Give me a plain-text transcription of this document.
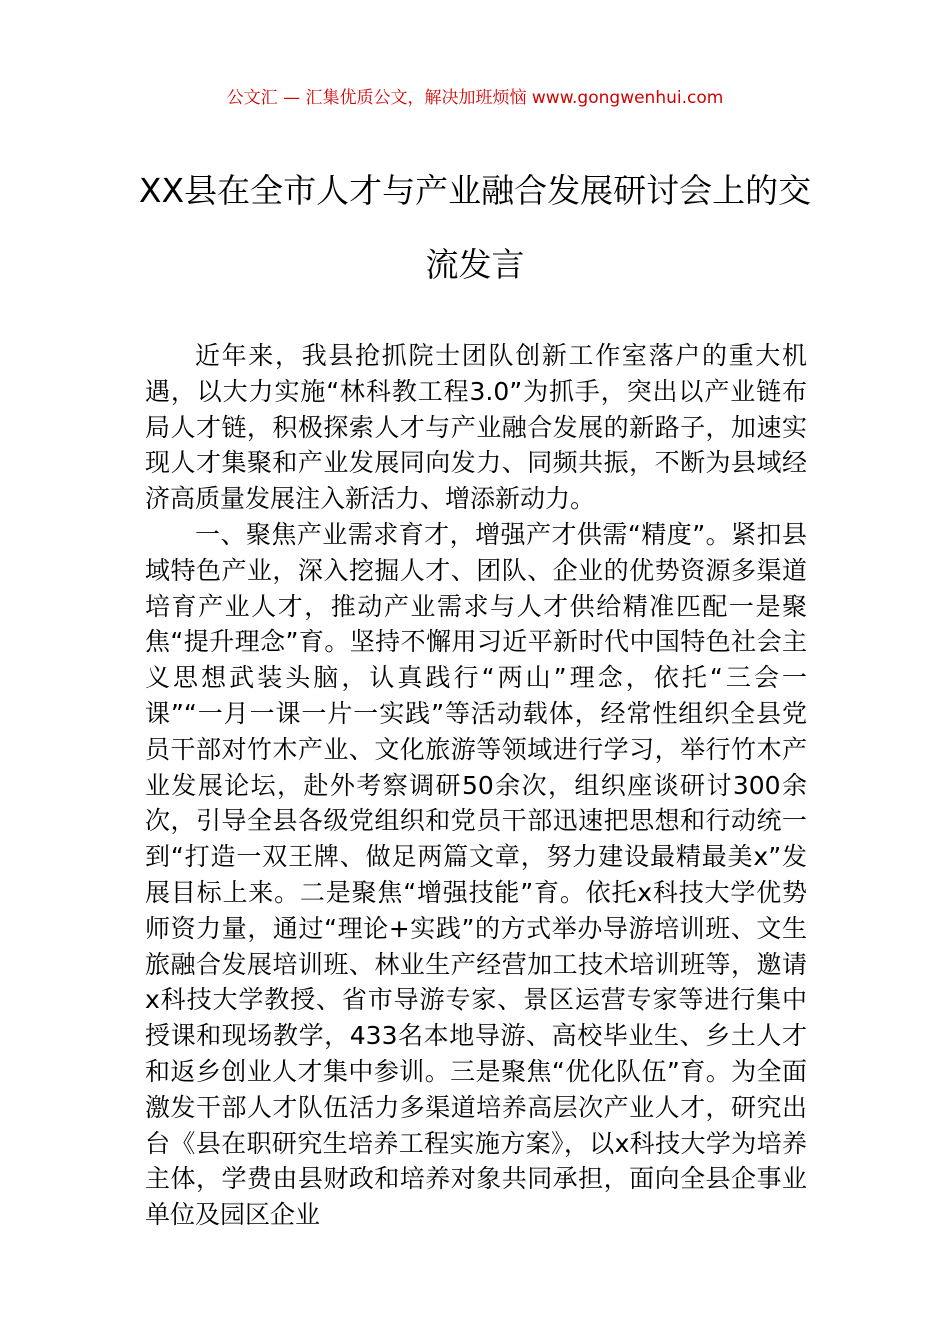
公文汇 — 汇集优质公文，解决加班烦恼 www.gongwenhui.com
XX县在全市人才与产业融合发展研讨会上的交流发言

近年来，我县抢抓院士团队创新工作室落户的重大机遇，以大力实施“林科教工程3.0”为抓手，突出以产业链布局人才链，积极探索人才与产业融合发展的新路子，加速实现人才集聚和产业发展同向发力、同频共振，不断为县域经济高质量发展注入新活力、增添新动力。

一、聚焦产业需求育才，增强产才供需“精度”。紧扣县域特色产业，深入挖掘人才、团队、企业的优势资源多渠道培育产业人才，推动产业需求与人才供给精准匹配一是聚焦“提升理念”育。坚持不懈用习近平新时代中国特色社会主义思想武装头脑，认真践行“两山”理念，依托“三会一课”“一月一课一片一实践”等活动载体，经常性组织全县党员干部对竹木产业、文化旅游等领域进行学习，举行竹木产业发展论坛，赴外考察调研50余次，组织座谈研讨300余次，引导全县各级党组织和党员干部迅速把思想和行动统一到“打造一双王牌、做足两篇文章，努力建设最精最美x”发展目标上来。二是聚焦“增强技能”育。依托x科技大学优势师资力量，通过“理论+实践”的方式举办导游培训班、文生旅融合发展培训班、林业生产经营加工技术培训班等，邀请x科技大学教授、省市导游专家、景区运营专家等进行集中授课和现场教学，433名本地导游、高校毕业生、乡土人才和返乡创业人才集中参训。三是聚焦“优化队伍”育。为全面激发干部人才队伍活力多渠道培养高层次产业人才，研究出台《县在职研究生培养工程实施方案》，以x科技大学为培养主体，学费由县财政和培养对象共同承担，面向全县企事业单位及园区企业
